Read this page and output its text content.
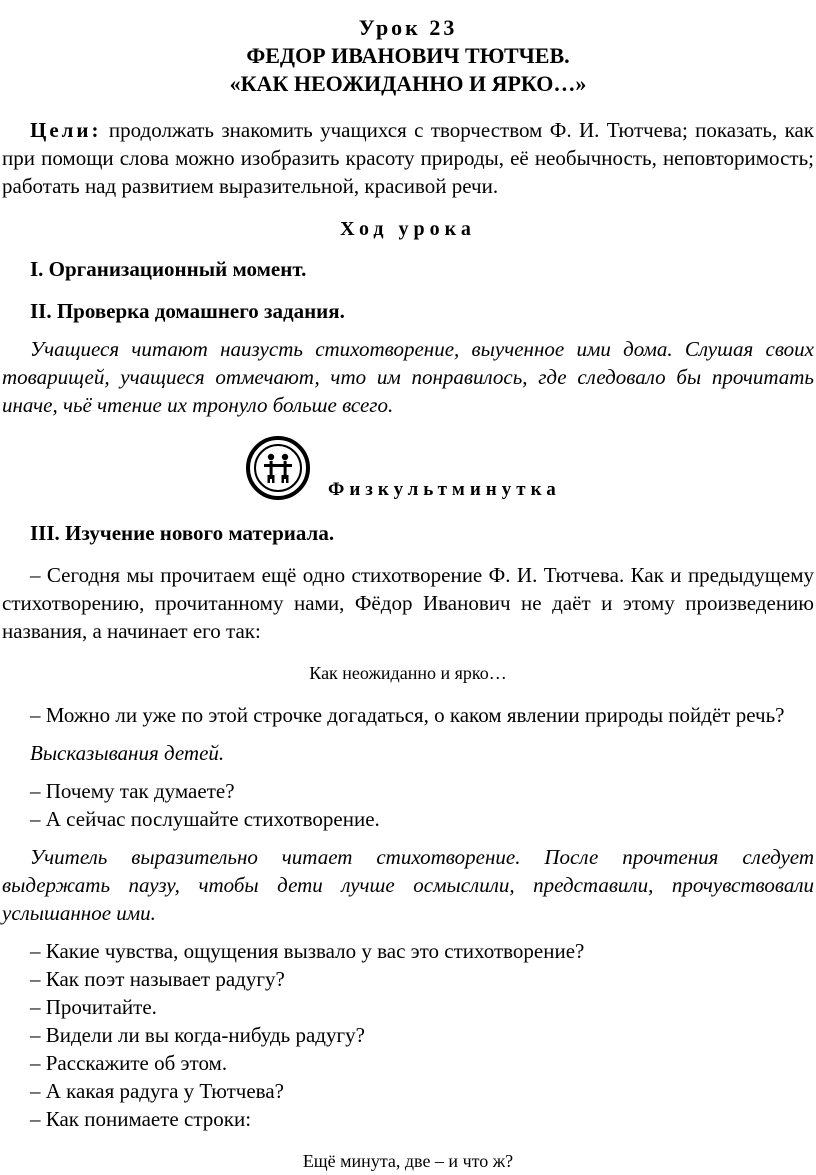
Урок 23
ФЕДОР ИВАНОВИЧ ТЮТЧЕВ.
«КАК НЕОЖИДАННО И ЯРКО…»

Цели: продолжать знакомить учащихся с творчеством Ф. И. Тютчева; показать, как при помощи слова можно изобразить красоту природы, её необычность, неповторимость; работать над развитием выразительной, красивой речи.

Ход урока

I. Организационный момент.

II. Проверка домашнего задания.

Учащиеся читают наизусть стихотворение, выученное ими дома. Слушая своих товарищей, учащиеся отмечают, что им понравилось, где следовало бы прочитать иначе, чьё чтение их тронуло больше всего.

Физкультминутка

III. Изучение нового материала.

– Сегодня мы прочитаем ещё одно стихотворение Ф. И. Тютчева. Как и предыдущему стихотворению, прочитанному нами, Фёдор Иванович не даёт и этому произведению названия, а начинает его так:

Как неожиданно и ярко…

– Можно ли уже по этой строчке догадаться, о каком явлении природы пойдёт речь?

Высказывания детей.

– Почему так думаете?

– А сейчас послушайте стихотворение.

Учитель выразительно читает стихотворение. После прочтения следует выдержать паузу, чтобы дети лучше осмыслили, представили, прочувствовали услышанное ими.

– Какие чувства, ощущения вызвало у вас это стихотворение?

– Как поэт называет радугу?

– Прочитайте.

– Видели ли вы когда-нибудь радугу?

– Расскажите об этом.

– А какая радуга у Тютчева?

– Как понимаете строки:

Ещё минута, две – и что ж?
